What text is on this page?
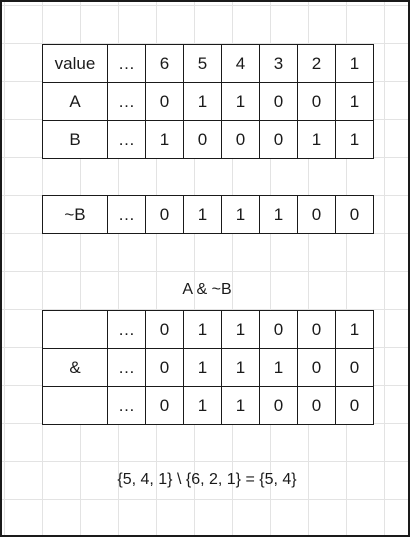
value	…	6	5	4	3	2	1
A	…	0	1	1	0	0	1
B	…	1	0	0	0	1	1
~B	…	0	1	1	1	0	0
A & ~B
	…	0	1	1	0	0	1
&	…	0	1	1	1	0	0
	…	0	1	1	0	0	0
{5, 4, 1} \ {6, 2, 1} = {5, 4}
